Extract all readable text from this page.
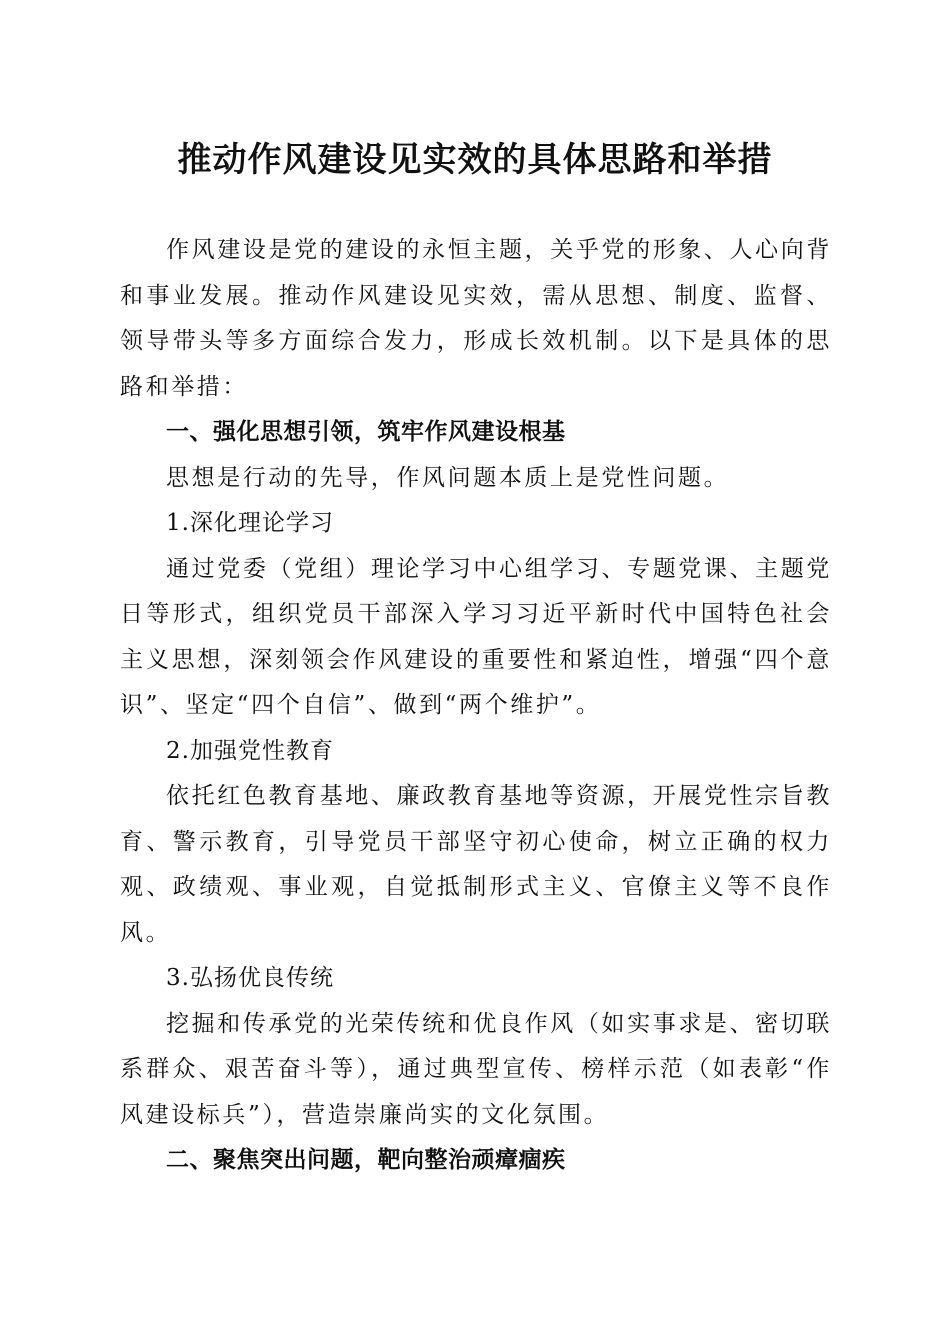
推动作风建设见实效的具体思路和举措

作风建设是党的建设的永恒主题，关乎党的形象、人心向背和事业发展。推动作风建设见实效，需从思想、制度、监督、领导带头等多方面综合发力，形成长效机制。以下是具体的思路和举措：

一、强化思想引领，筑牢作风建设根基

思想是行动的先导，作风问题本质上是党性问题。

1.深化理论学习

通过党委（党组）理论学习中心组学习、专题党课、主题党日等形式，组织党员干部深入学习习近平新时代中国特色社会主义思想，深刻领会作风建设的重要性和紧迫性，增强“四个意识”、坚定“四个自信”、做到“两个维护”。

2.加强党性教育

依托红色教育基地、廉政教育基地等资源，开展党性宗旨教育、警示教育，引导党员干部坚守初心使命，树立正确的权力观、政绩观、事业观，自觉抵制形式主义、官僚主义等不良作风。

3.弘扬优良传统

挖掘和传承党的光荣传统和优良作风（如实事求是、密切联系群众、艰苦奋斗等），通过典型宣传、榜样示范（如表彰“作风建设标兵”），营造崇廉尚实的文化氛围。

二、聚焦突出问题，靶向整治顽瘴痼疾
